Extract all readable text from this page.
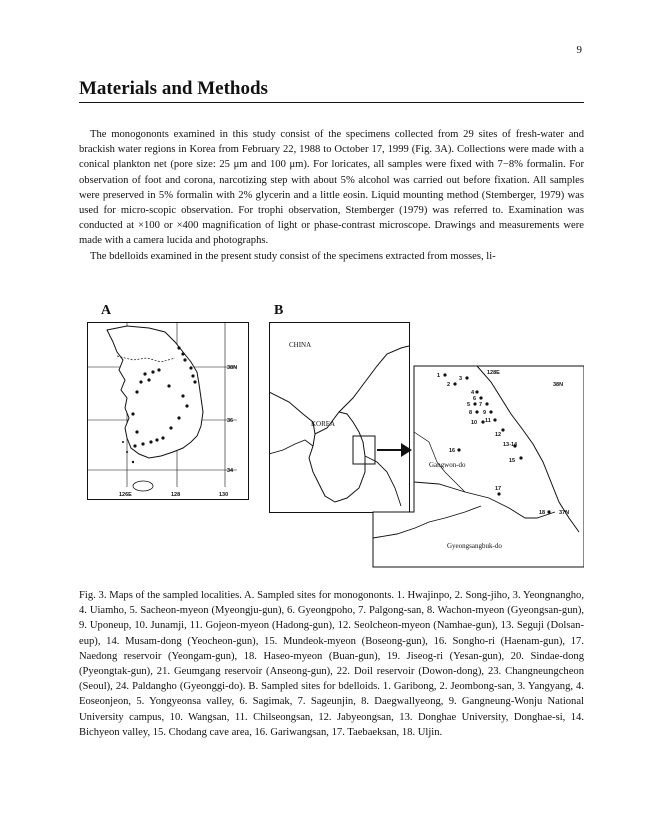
9
Materials and Methods

The monogononts examined in this study consist of the specimens collected from 29 sites of fresh-water and brackish water regions in Korea from February 22, 1988 to October 17, 1999 (Fig. 3A). Collections were made with a conical plankton net (pore size: 25 μm and 100 μm). For loricates, all samples were fixed with 7−8% formalin. For observation of foot and corona, narcotizing step with about 5% alcohol was carried out before fixation. All samples were preserved in 5% formalin with 2% glycerin and a little eosin. Liquid mounting method (Stemberger, 1979) was used for micro-scopic observation. For trophi observation, Stemberger (1979) was referred to. Examination was conducted at ×100 or ×400 magnification of light or phase-contrast microscope. Drawings and measurements were made with a camera lucida and photographs.

The bdelloids examined in the present study consist of the specimens extracted from mosses, li-

A	B
38N
36
34
126E	128	130
CHINA
KOREA
128E
38N
37N
1
2
3
4
5
6
7
8 9
10 11
12
13-14
15
16
17
18
Gangwon-do
Gyeongsangbuk-do

Fig. 3. Maps of the sampled localities. A. Sampled sites for monogononts. 1. Hwajinpo, 2. Song-jiho, 3. Yeongnangho, 4. Uiamho, 5. Sacheon-myeon (Myeongju-gun), 6. Gyeongpoho, 7. Palgong-san, 8. Wachon-myeon (Gyeongsan-gun), 9. Uponeup, 10. Junamji, 11. Gojeon-myeon (Hadong-gun), 12. Seolcheon-myeon (Namhae-gun), 13. Seguji (Dolsan-eup), 14. Musam-dong (Yeocheon-gun), 15. Mundeok-myeon (Boseong-gun), 16. Songho-ri (Haenam-gun), 17. Naedong reservoir (Yeongam-gun), 18. Haseo-myeon (Buan-gun), 19. Jiseog-ri (Yesan-gun), 20. Sindae-dong (Pyeongtak-gun), 21. Geumgang reservoir (Anseong-gun), 22. Doil reservoir (Dowon-dong), 23. Changneungcheon (Seoul), 24. Paldangho (Gyeonggi-do). B. Sampled sites for bdelloids. 1. Garibong, 2. Jeombong-san, 3. Yangyang, 4. Eoseonjeon, 5. Yongyeonsa valley, 6. Sagimak, 7. Sageunjin, 8. Daegwallyeong, 9. Gangneung-Wonju National University campus, 10. Wangsan, 11. Chilseongsan, 12. Jabyeongsan, 13. Donghae University, Donghae-si, 14. Bichyeon valley, 15. Chodang cave area, 16. Gariwangsan, 17. Taebaeksan, 18. Uljin.
